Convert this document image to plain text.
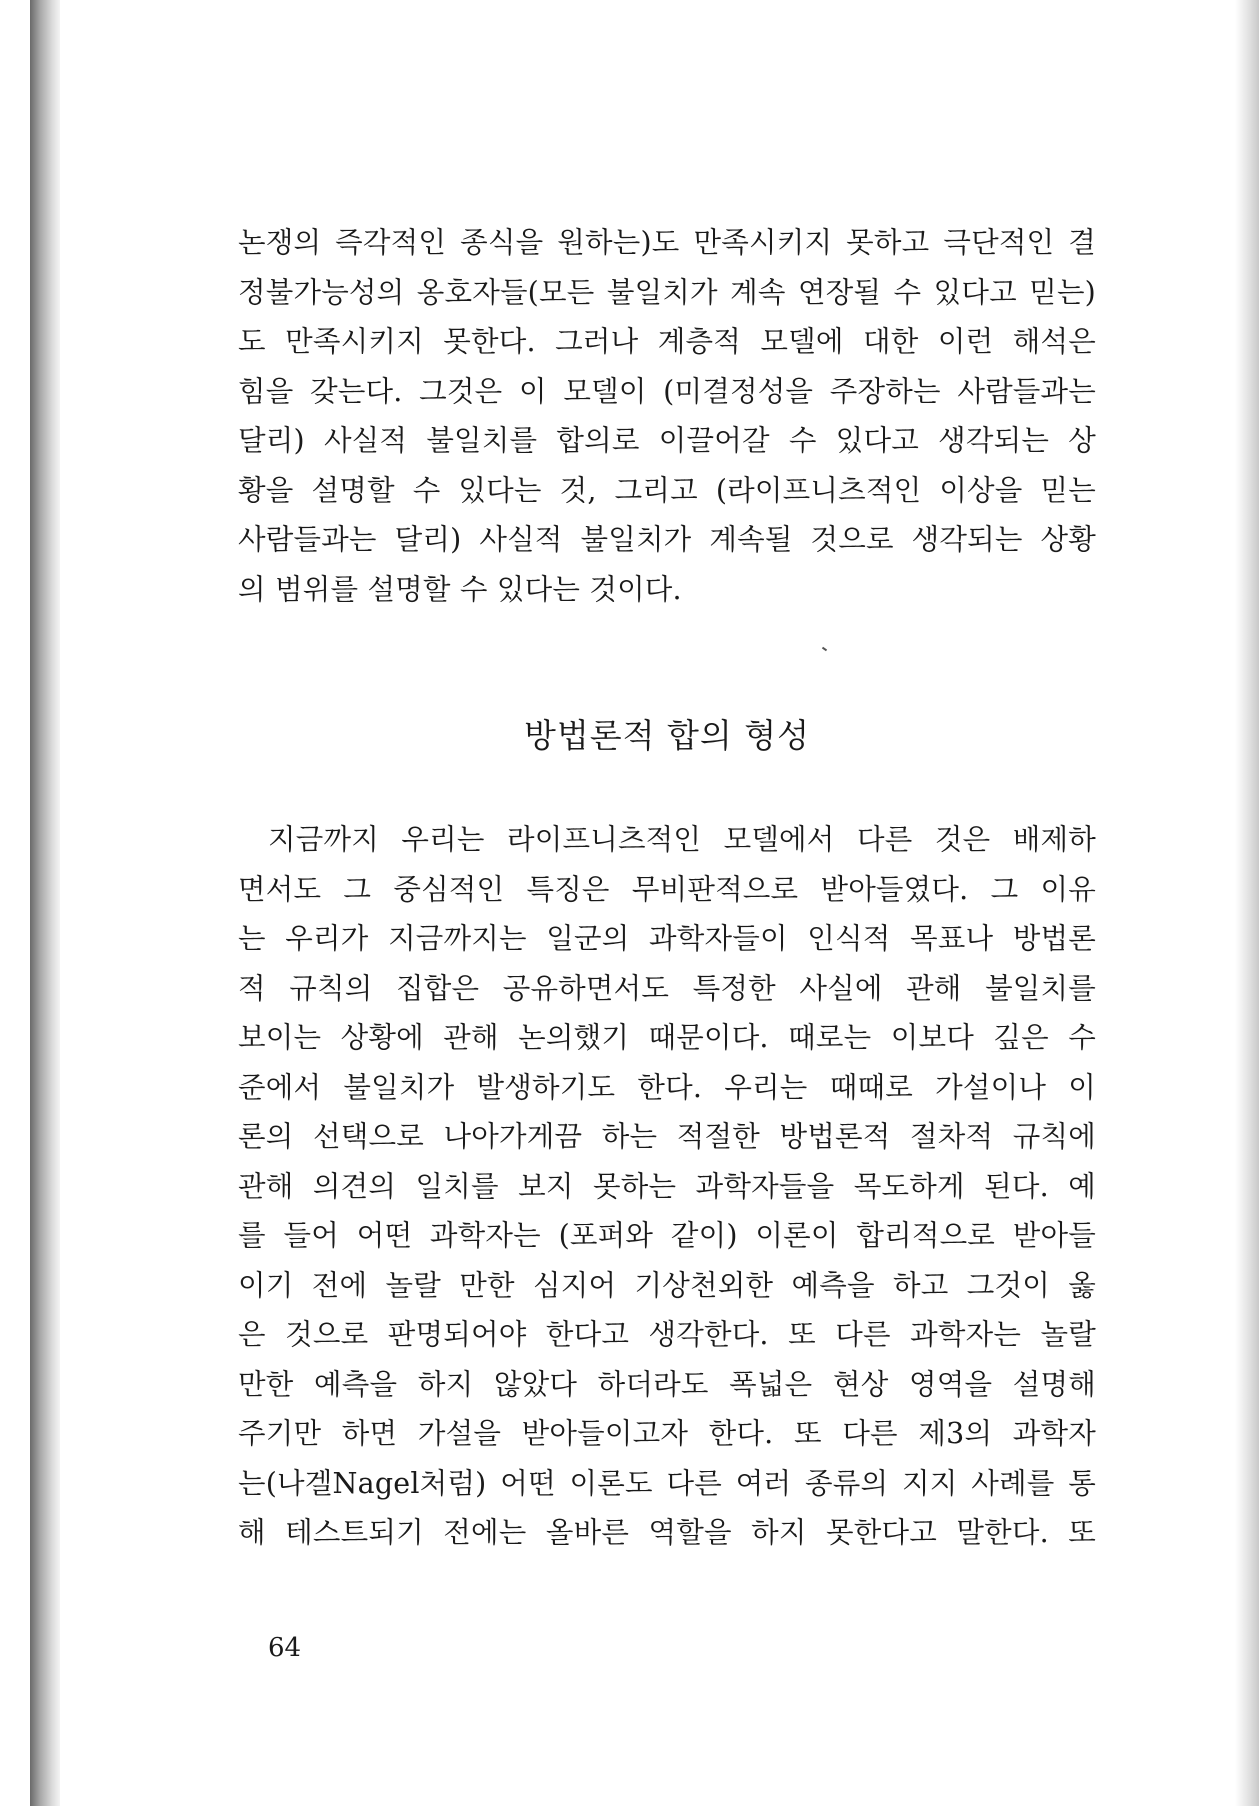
논쟁의 즉각적인 종식을 원하는)도 만족시키지 못하고 극단적인 결
정불가능성의 옹호자들(모든 불일치가 계속 연장될 수 있다고 믿는)
도 만족시키지 못한다. 그러나 계층적 모델에 대한 이런 해석은
힘을 갖는다. 그것은 이 모델이 (미결정성을 주장하는 사람들과는
달리) 사실적 불일치를 합의로 이끌어갈 수 있다고 생각되는 상
황을 설명할 수 있다는 것, 그리고 (라이프니츠적인 이상을 믿는
사람들과는 달리) 사실적 불일치가 계속될 것으로 생각되는 상황
의 범위를 설명할 수 있다는 것이다.
방법론적 합의 형성
지금까지 우리는 라이프니츠적인 모델에서 다른 것은 배제하
면서도 그 중심적인 특징은 무비판적으로 받아들였다. 그 이유
는 우리가 지금까지는 일군의 과학자들이 인식적 목표나 방법론
적 규칙의 집합은 공유하면서도 특정한 사실에 관해 불일치를
보이는 상황에 관해 논의했기 때문이다. 때로는 이보다 깊은 수
준에서 불일치가 발생하기도 한다. 우리는 때때로 가설이나 이
론의 선택으로 나아가게끔 하는 적절한 방법론적 절차적 규칙에
관해 의견의 일치를 보지 못하는 과학자들을 목도하게 된다. 예
를 들어 어떤 과학자는 (포퍼와 같이) 이론이 합리적으로 받아들
이기 전에 놀랄 만한 심지어 기상천외한 예측을 하고 그것이 옳
은 것으로 판명되어야 한다고 생각한다. 또 다른 과학자는 놀랄
만한 예측을 하지 않았다 하더라도 폭넓은 현상 영역을 설명해
주기만 하면 가설을 받아들이고자 한다. 또 다른 제3의 과학자
는(나겔Nagel처럼) 어떤 이론도 다른 여러 종류의 지지 사례를 통
해 테스트되기 전에는 올바른 역할을 하지 못한다고 말한다. 또
64
